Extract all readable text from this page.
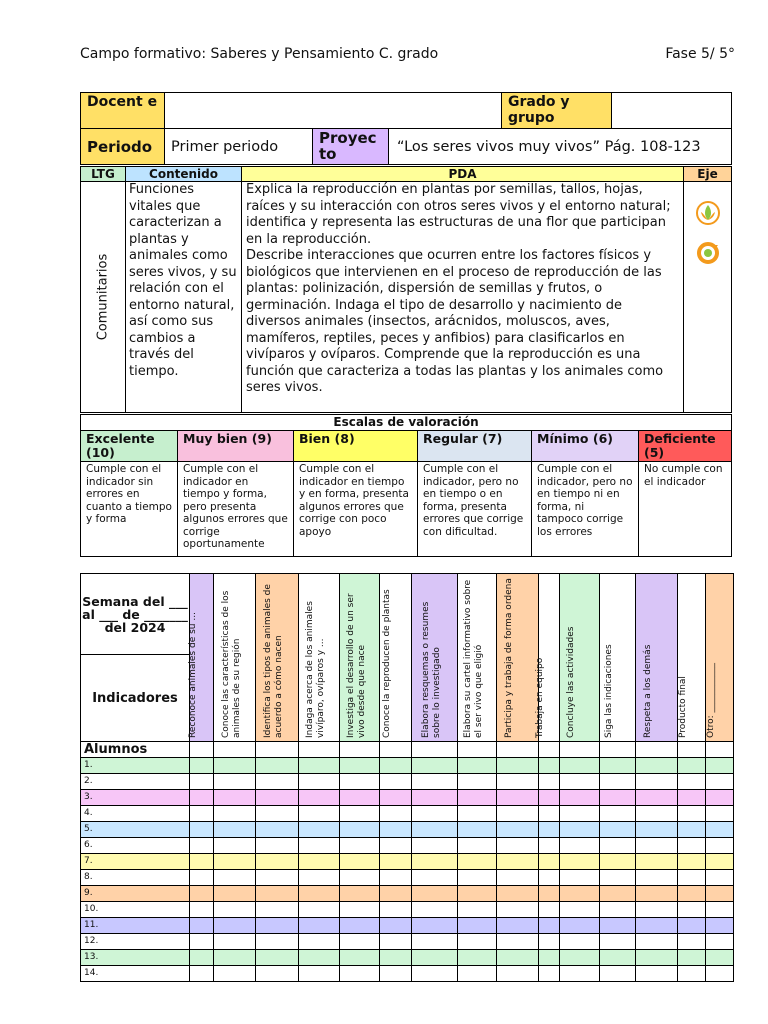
Campo formativo: Saberes y Pensamiento C. grado	Fase 5/ 5°
Docent e		Grado y grupo	
Periodo	Primer periodo	Proyec to	“Los seres vivos muy vivos” Pág. 108-123
LTG	Contenido	PDA	Eje

Comunitarios	Funciones vitales que caracterizan a plantas y animales como seres vivos, y su relación con el entorno natural, así como sus cambios a través del tiempo.	Explica la reproducción en plantas por semillas, tallos, hojas, raíces y su interacción con otros seres vivos y el entorno natural; identifica y representa las estructuras de una flor que participan en la reproducción.
Describe interacciones que ocurren entre los factores físicos y biológicos que intervienen en el proceso de reproducción de las plantas: polinización, dispersión de semillas y frutos, o germinación. Indaga el tipo de desarrollo y nacimiento de diversos animales (insectos, arácnidos, moluscos, aves, mamíferos, reptiles, peces y anfibios) para clasificarlos en vivíparos y ovíparos. Comprende que la reproducción es una función que caracteriza a todas las plantas y los animales como seres vivos.	
Escalas de valoración					
Excelente (10)	Muy bien (9)	Bien (8)	Regular (7)	Mínimo (6)	Deficiente (5)
Cumple con el indicador sin errores en cuanto a tiempo y forma	Cumple con el indicador en tiempo y forma, pero presenta algunos errores que corrige oportunamente	Cumple con el indicador en tiempo y en forma, presenta algunos errores que corrige con poco apoyo	Cumple con el indicador, pero no en tiempo o en forma, presenta errores que corrige con dificultad.	Cumple con el indicador, pero no en tiempo ni en forma, ni tampoco corrige los errores	No cumple con el indicador
Semana del ___ al ___ de _______ del 2024	Reconoce animales de su ...	Conoce las características de los animales de su región	Identifica los tipos de animales de acuerdo a cómo nacen	Indaga acerca de los animales vivíparo, ovíparos y ...	Investiga el desarrollo de un ser vivo desde que nace	Conoce la reproducen de plantas	Elabora resquemas o resumes sobre lo investigado	Elabora su cartel informativo sobre el ser vivo que eligió	Participa y trabaja de forma ordena	Trabaja en equipo	Concluye las actividades	Siga las indicaciones	Respeta a los demás	Producto final	Otro: ___________

Indicadores															
Alumnos															
1.															
2.															
3.															
4.															
5.															
6.															
7.															
8.															
9.															
10.															
11.															
12.															
13.															
14.															
